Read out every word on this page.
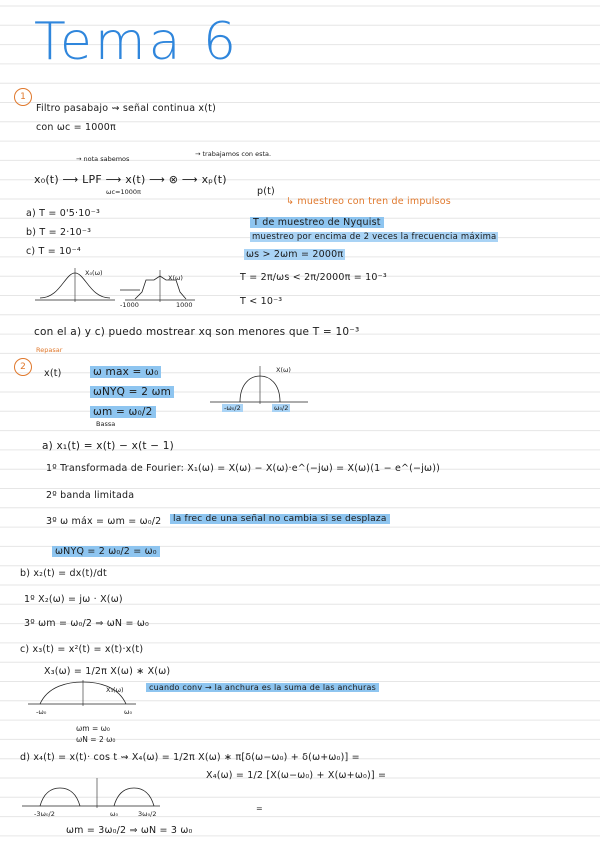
Tema 6
1
Filtro pasabajo ⇝ señal continua x(t)
con ωc = 1000π
→ nota sabemos
→ trabajamos con esta.
x₀(t) ⟶ LPF ⟶ x(t) ⟶ ⊗ ⟶ xₚ(t)
ωc=1000π	p(t)
↳ muestreo con tren de impulsos
a) T = 0'5·10⁻³
b) T = 2·10⁻³
c) T = 10⁻⁴
T de muestreo de Nyquist
muestreo por encima de 2 veces la frecuencia máxima
ωs > 2ωm = 2000π
T = 2π/ωs < 2π/2000π = 10⁻³
T < 10⁻³
X₀(ω)
X(ω)
-1000	1000
con el a) y c) puedo mostrear xq son menores que T = 10⁻³
Repasar
2
x(t)	ω max = ω₀
ωNYQ = 2 ωm
ωm = ω₀/2
Bassa
X(ω)
-ω₀/2	ω₀/2
a) x₁(t) = x(t) − x(t − 1)
1º Transformada de Fourier: X₁(ω) = X(ω) − X(ω)·e^(−jω) = X(ω)(1 − e^(−jω))
2º banda limitada
3º ω máx = ωm = ω₀/2	la frec de una señal no cambia si se desplaza
ωNYQ = 2 ω₀/2 = ω₀
b) x₂(t) = dx(t)/dt
1º X₂(ω) = jω · X(ω)
3º ωm = ω₀/2 ⇒ ωN = ω₀
c) x₃(t) = x²(t) = x(t)·x(t)
X₃(ω) = 1/2π X(ω) ∗ X(ω)
cuando conv → la anchura es la suma de las anchuras
X₃(ω)
-ω₀	ω₀
ωm = ω₀
ωN = 2 ω₀
d) x₄(t) = x(t)· cos t ⇝ X₄(ω) = 1/2π X(ω) ∗ π[δ(ω−ω₀) + δ(ω+ω₀)] =
X₄(ω) = 1/2 [X(ω−ω₀) + X(ω+ω₀)] =
-3ω₀/2	ω₀	3ω₀/2
ωm = 3ω₀/2 ⇒ ωN = 3 ω₀
=
